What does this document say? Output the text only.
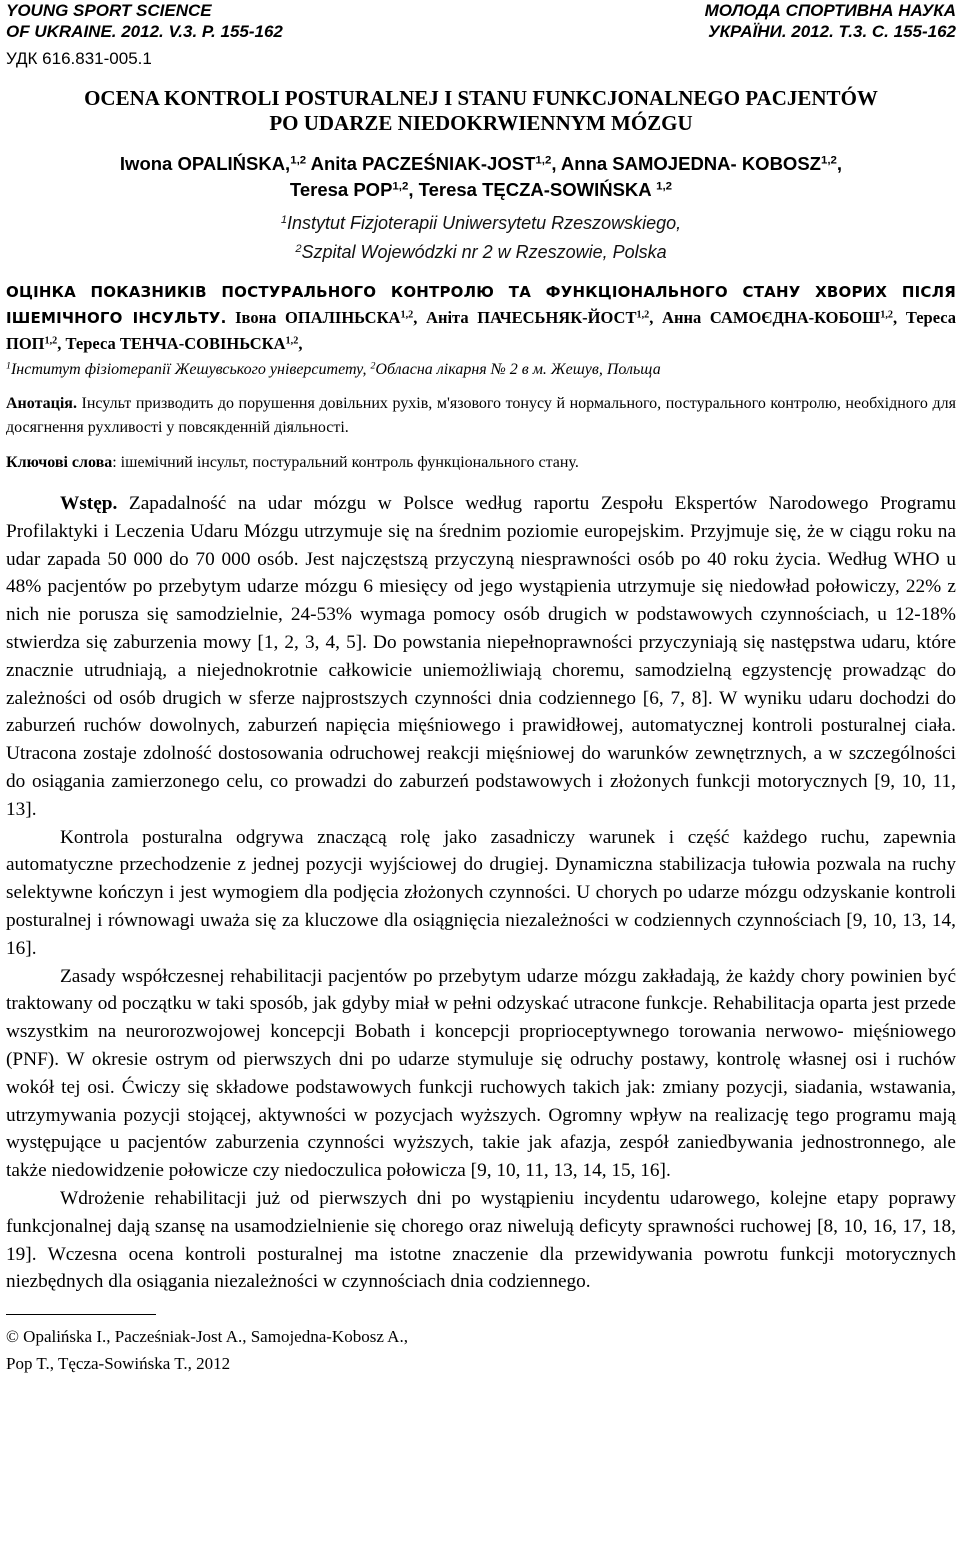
YOUNG SPORT SCIENCE
OF UKRAINE. 2012. V.3. P. 155-162
МОЛОДА СПОРТИВНА НАУКА
УКРАЇНИ. 2012. Т.3. С. 155-162
УДК 616.831-005.1
OCENA KONTROLI POSTURALNEJ I STANU FUNKCJONALNEGO PACJENTÓW
PO UDARZE NIEDOKRWIENNYM MÓZGU
Iwona OPALIŃSKA,$^{1,2}$ Anita PACZEŚNIAK-JOST$^{1,2}$, Anna SAMOJEDNA- KOBOSZ$^{1,2}$,
Teresa POP$^{1,2}$, Teresa TĘCZA-SOWIŃSKA $^{1,2}$
$^1$Instytut Fizjoterapii Uniwersytetu Rzeszowskiego,
$^2$Szpital Wojewódzki nr 2 w Rzeszowie, Polska
ОЦІНКА ПОКАЗНИКІВ ПОСТУРАЛЬНОГО КОНТРОЛЮ ТА ФУНКЦІОНАЛЬНОГО СТАНУ ХВОРИХ ПІСЛЯ ІШЕМІЧНОГО ІНСУЛЬТУ. Івона ОПАЛІНЬСКА$^{1,2}$, Аніта ПАЧЕСЬНЯК-ЙОСТ$^{1,2}$, Анна САМОЄДНА-КОБОШ$^{1,2}$, Тереса ПОП$^{1,2}$, Тереса ТЕНЧА-СОВІНЬСКА$^{1,2}$,
$^1$Інститут фізіотерапії Жешувського університету, $^2$Обласна лікарня № 2 в м. Жешув, Польща
Анотація. Інсульт призводить до порушення довільних рухів, м'язового тонусу й нормального, постурального контролю, необхідного для досягнення рухливості у повсякденній діяльності.
Ключові слова: ішемічний інсульт, постуральний контроль функціонального стану.

Wstęp. Zapadalność na udar mózgu w Polsce według raportu Zespołu Ekspertów Narodowego Programu Profilaktyki i Leczenia Udaru Mózgu utrzymuje się na średnim poziomie europejskim. Przyjmuje się, że w ciągu roku na udar zapada 50 000 do 70 000 osób. Jest najczęstszą przyczyną niesprawności osób po 40 roku życia. Według WHO u 48% pacjentów po przebytym udarze mózgu 6 miesięcy od jego wystąpienia utrzymuje się niedowład połowiczy, 22% z nich nie porusza się samodzielnie, 24-53% wymaga pomocy osób drugich w podstawowych czynnościach, u 12-18% stwierdza się zaburzenia mowy [1, 2, 3, 4, 5]. Do powstania niepełnoprawności przyczyniają się następstwa udaru, które znacznie utrudniają, a niejednokrotnie całkowicie uniemożliwiają choremu, samodzielną egzystencję prowadząc do zależności od osób drugich w sferze najprostszych czynności dnia codziennego [6, 7, 8]. W wyniku udaru dochodzi do zaburzeń ruchów dowolnych, zaburzeń napięcia mięśniowego i prawidłowej, automatycznej kontroli posturalnej ciała. Utracona zostaje zdolność dostosowania odruchowej reakcji mięśniowej do warunków zewnętrznych, a w szczególności do osiągania zamierzonego celu, co prowadzi do zaburzeń podstawowych i złożonych funkcji motorycznych [9, 10, 11, 13].

Kontrola posturalna odgrywa znaczącą rolę jako zasadniczy warunek i część każdego ruchu, zapewnia automatyczne przechodzenie z jednej pozycji wyjściowej do drugiej. Dynamiczna stabilizacja tułowia pozwala na ruchy selektywne kończyn i jest wymogiem dla podjęcia złożonych czynności. U chorych po udarze mózgu odzyskanie kontroli posturalnej i równowagi uważa się za kluczowe dla osiągnięcia niezależności w codziennych czynnościach [9, 10, 13, 14, 16].

Zasady współczesnej rehabilitacji pacjentów po przebytym udarze mózgu zakładają, że każdy chory powinien być traktowany od początku w taki sposób, jak gdyby miał w pełni odzyskać utracone funkcje. Rehabilitacja oparta jest przede wszystkim na neurorozwojowej koncepcji Bobath i koncepcji proprioceptywnego torowania nerwowo- mięśniowego (PNF). W okresie ostrym od pierwszych dni po udarze stymuluje się odruchy postawy, kontrolę własnej osi i ruchów wokół tej osi. Ćwiczy się składowe podstawowych funkcji ruchowych takich jak: zmiany pozycji, siadania, wstawania, utrzymywania pozycji stojącej, aktywności w pozycjach wyższych. Ogromny wpływ na realizację tego programu mają występujące u pacjentów zaburzenia czynności wyższych, takie jak afazja, zespół zaniedbywania jednostronnego, ale także niedowidzenie połowicze czy niedoczulica połowicza [9, 10, 11, 13, 14, 15, 16].

Wdrożenie rehabilitacji już od pierwszych dni po wystąpieniu incydentu udarowego, kolejne etapy poprawy funkcjonalnej dają szansę na usamodzielnienie się chorego oraz niwelują deficyty sprawności ruchowej [8, 10, 16, 17, 18, 19]. Wczesna ocena kontroli posturalnej ma istotne znaczenie dla przewidywania powrotu funkcji motorycznych niezbędnych dla osiągania niezależności w czynnościach dnia codziennego.

© Opalińska I., Pacześniak-Jost A., Samojedna-Kobosz A.,
Pop T., Tęcza-Sowińska T., 2012
